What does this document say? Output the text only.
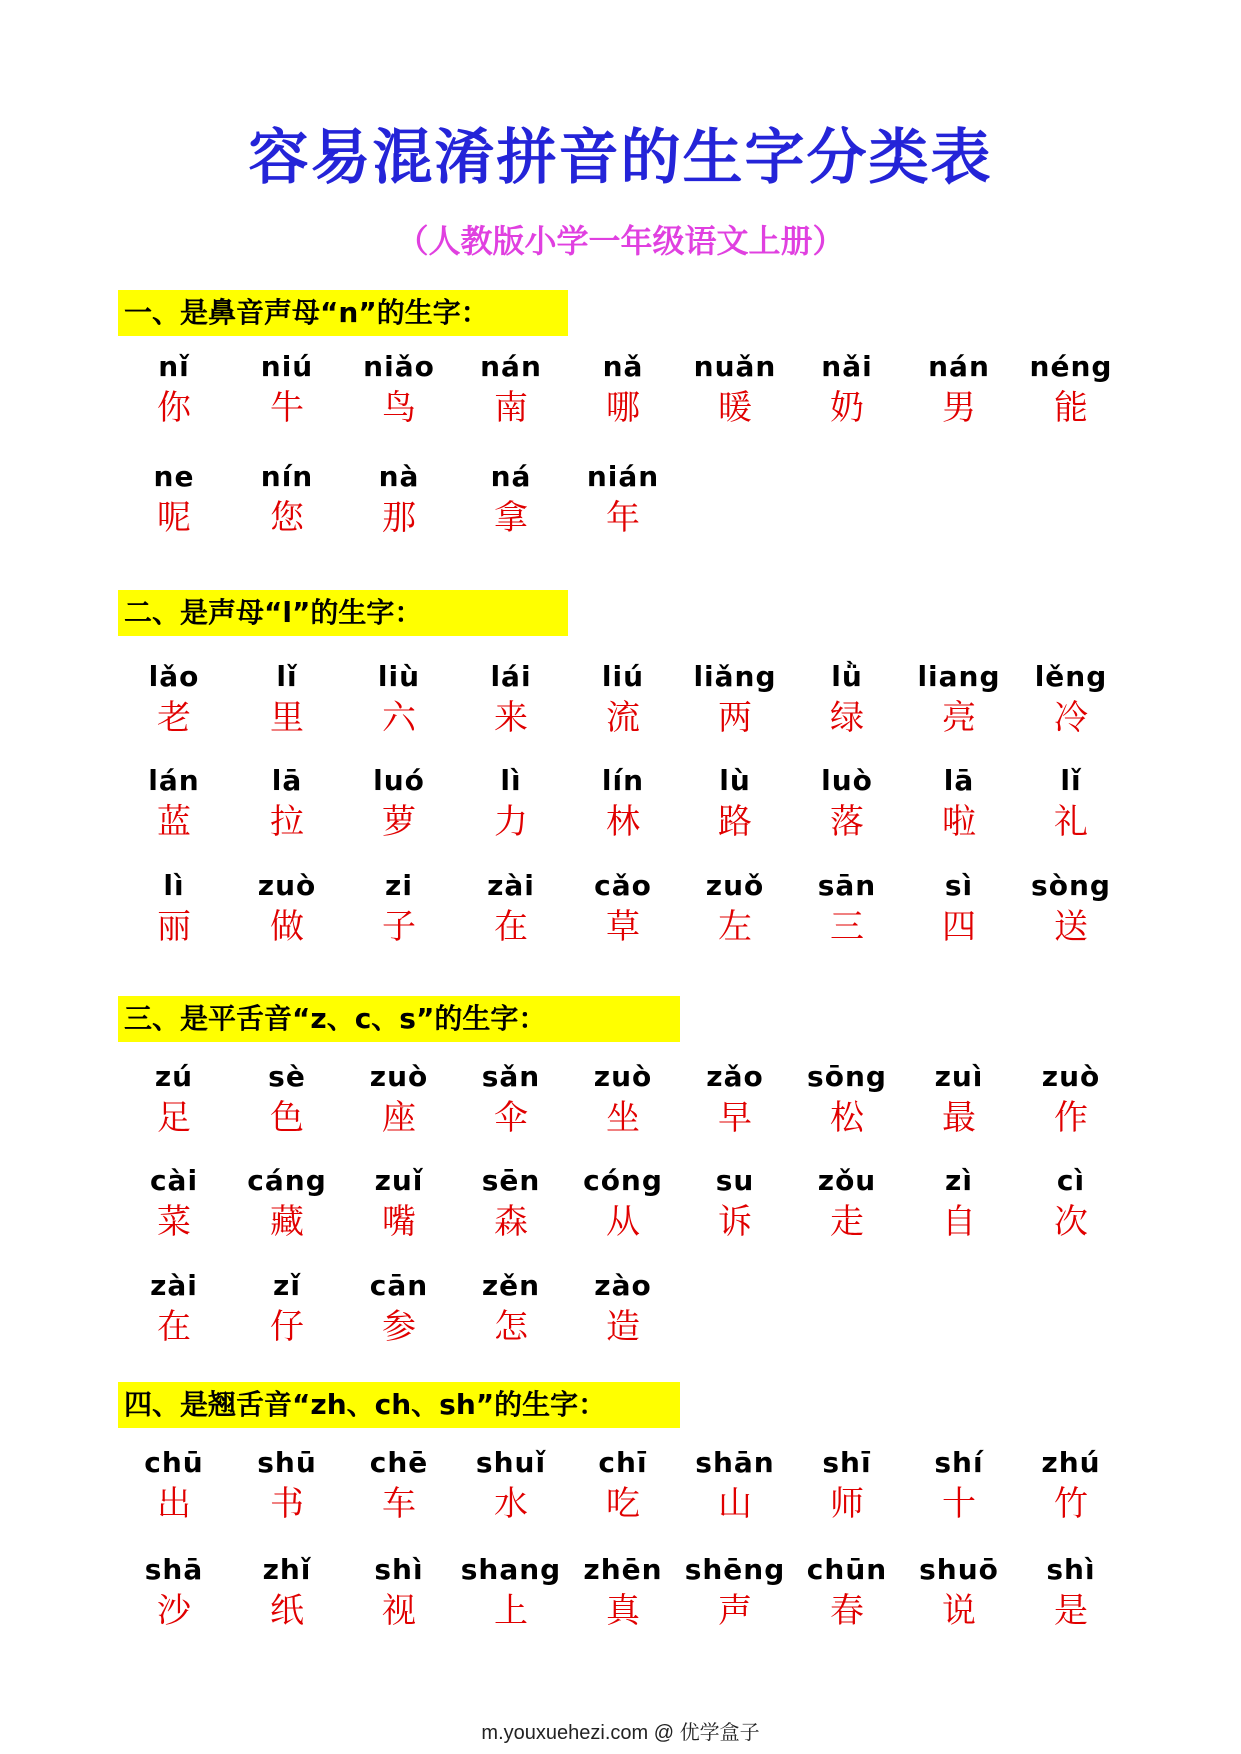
容易混淆拼音的生字分类表
（人教版小学一年级语文上册）
一、是鼻音声母“n”的生字：
nǐ
你
niú
牛
niǎo
鸟
nán
南
nǎ
哪
nuǎn
暖
nǎi
奶
nán
男
néng
能
ne
呢
nín
您
nà
那
ná
拿
nián
年
二、是声母“l”的生字：
lǎo
老
lǐ
里
liù
六
lái
来
liú
流
liǎng
两
lǜ
绿
liang
亮
lěng
冷
lán
蓝
lā
拉
luó
萝
lì
力
lín
林
lù
路
luò
落
lā
啦
lǐ
礼
lì
丽
zuò
做
zi
子
zài
在
cǎo
草
zuǒ
左
sān
三
sì
四
sòng
送
三、是平舌音“z、c、s”的生字：
zú
足
sè
色
zuò
座
sǎn
伞
zuò
坐
zǎo
早
sōng
松
zuì
最
zuò
作
cài
菜
cáng
藏
zuǐ
嘴
sēn
森
cóng
从
su
诉
zǒu
走
zì
自
cì
次
zài
在
zǐ
仔
cān
参
zěn
怎
zào
造
四、是翘舌音“zh、ch、sh”的生字：
chū
出
shū
书
chē
车
shuǐ
水
chī
吃
shān
山
shī
师
shí
十
zhú
竹
shā
沙
zhǐ
纸
shì
视
shang
上
zhēn
真
shēng
声
chūn
春
shuō
说
shì
是
m.youxuehezi.com @ 优学盒子
